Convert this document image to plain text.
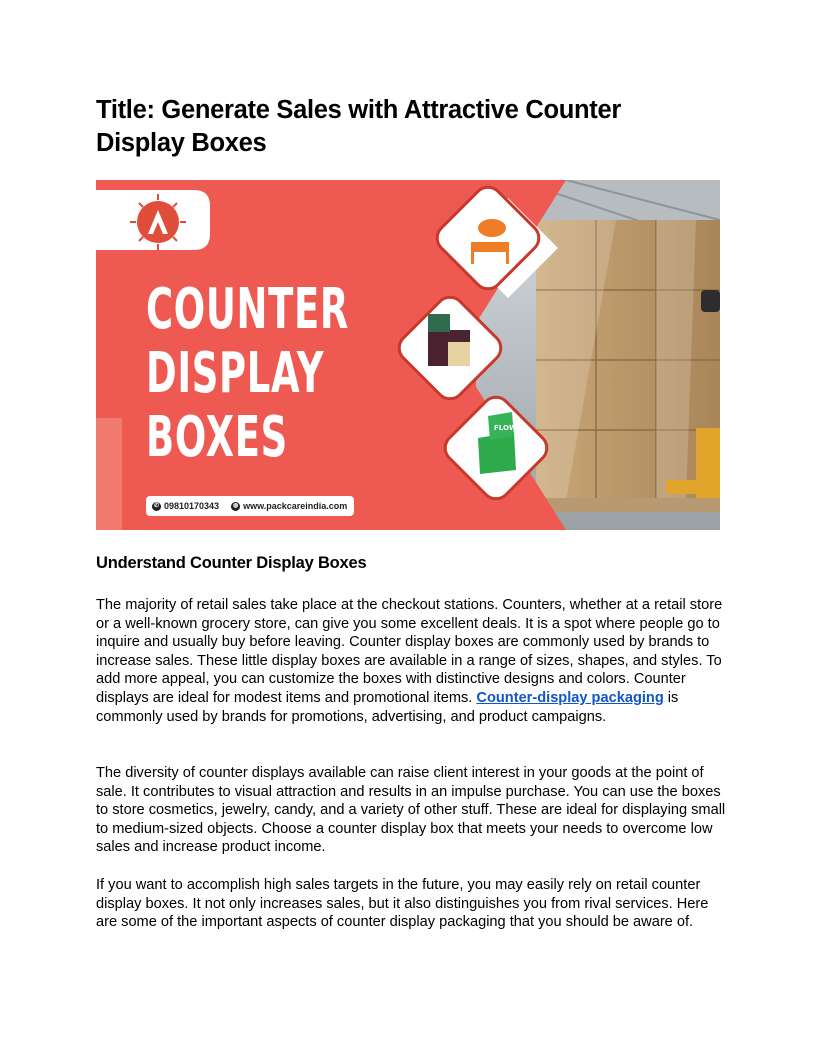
Title: Generate Sales with Attractive Counter Display Boxes
FLOW
COUNTER
DISPLAY
BOXES
✆ 09810170343	◍ www.packcareindia.com
Understand Counter Display Boxes

The majority of retail sales take place at the checkout stations. Counters, whether at a retail store or a well-known grocery store, can give you some excellent deals. It is a spot where people go to inquire and usually buy before leaving. Counter display boxes are commonly used by brands to increase sales. These little display boxes are available in a range of sizes, shapes, and styles. To add more appeal, you can customize the boxes with distinctive designs and colors. Counter displays are ideal for modest items and promotional items. Counter-display packaging is commonly used by brands for promotions, advertising, and product campaigns.

The diversity of counter displays available can raise client interest in your goods at the point of sale. It contributes to visual attraction and results in an impulse purchase. You can use the boxes to store cosmetics, jewelry, candy, and a variety of other stuff. These are ideal for displaying small to medium-sized objects. Choose a counter display box that meets your needs to overcome low sales and increase product income.

If you want to accomplish high sales targets in the future, you may easily rely on retail counter display boxes. It not only increases sales, but it also distinguishes you from rival services. Here are some of the important aspects of counter display packaging that you should be aware of.
